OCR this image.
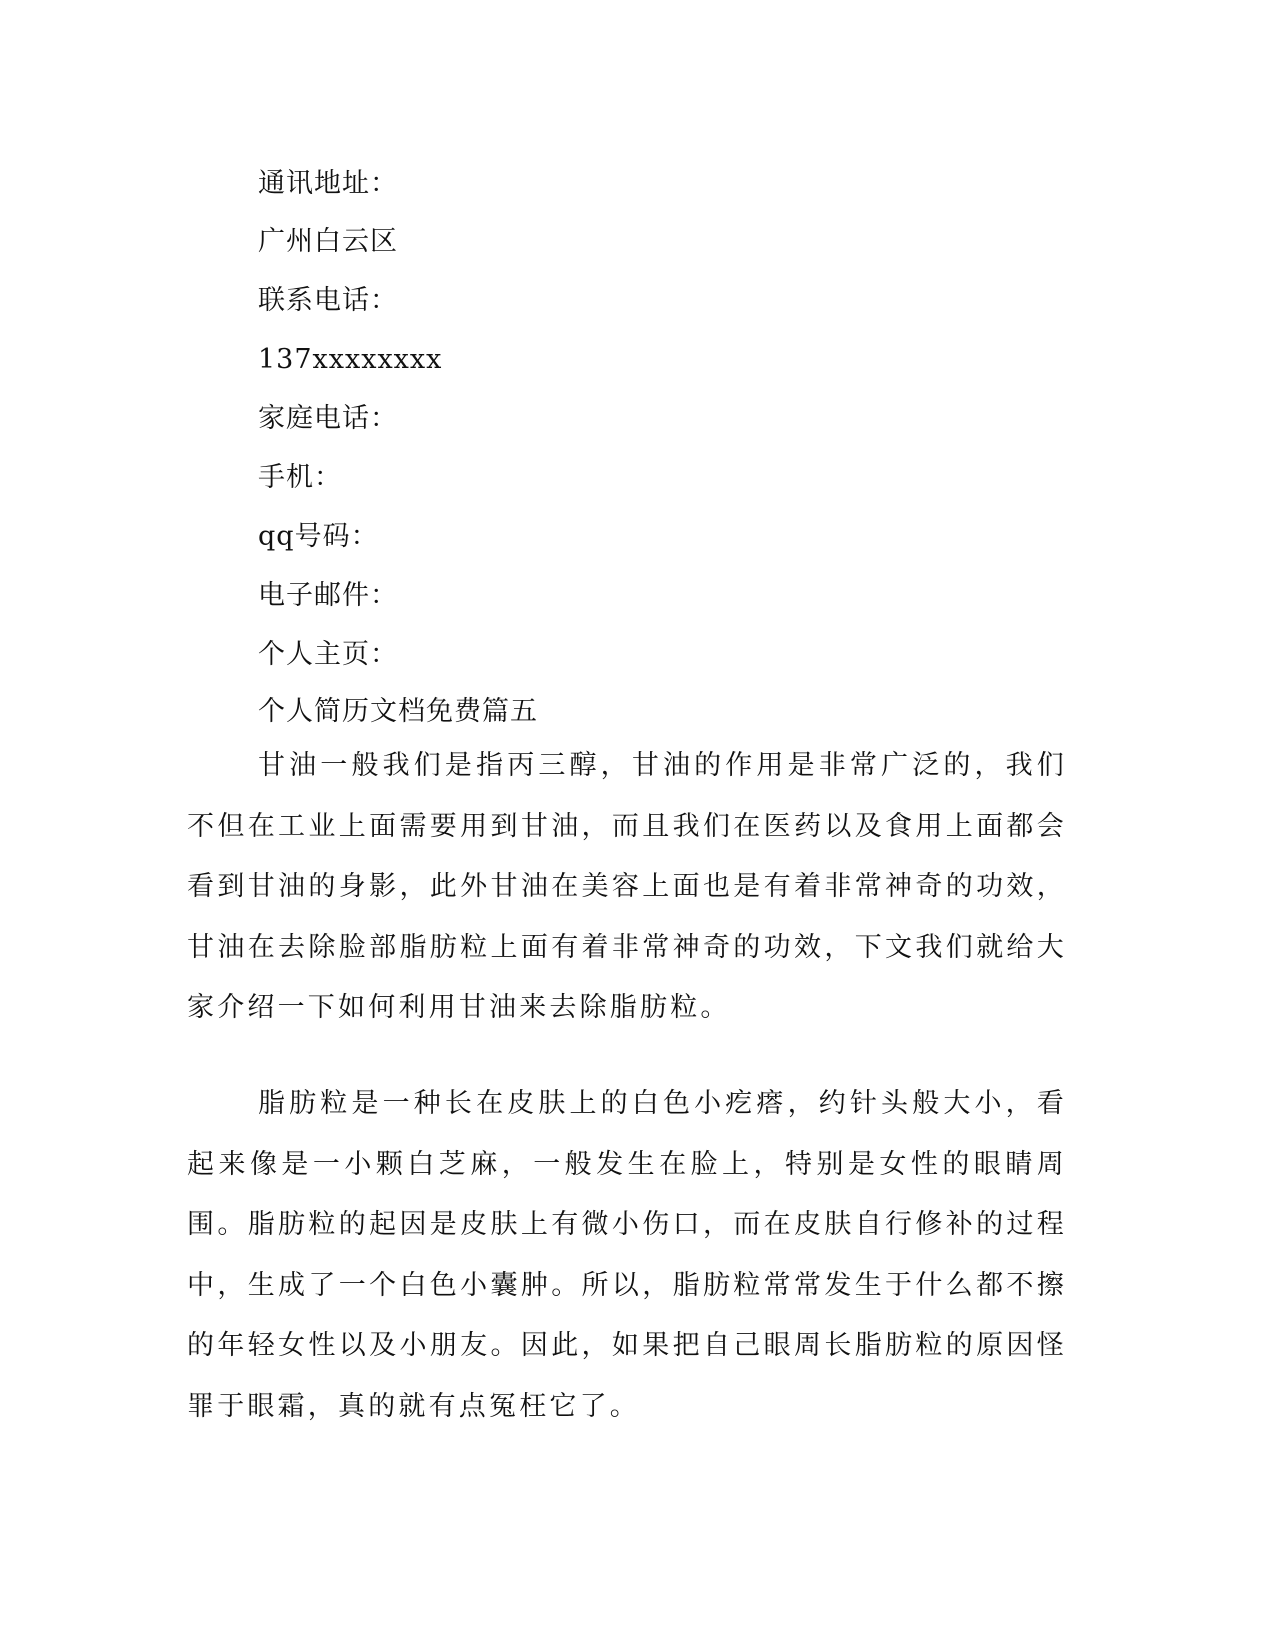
通讯地址：
广州白云区
联系电话：
137xxxxxxxx
家庭电话：
手机：
qq号码：
电子邮件：
个人主页：
个人简历文档免费篇五

甘油一般我们是指丙三醇，甘油的作用是非常广泛的，我们不但在工业上面需要用到甘油，而且我们在医药以及食用上面都会看到甘油的身影，此外甘油在美容上面也是有着非常神奇的功效，甘油在去除脸部脂肪粒上面有着非常神奇的功效，下文我们就给大家介绍一下如何利用甘油来去除脂肪粒。

脂肪粒是一种长在皮肤上的白色小疙瘩，约针头般大小，看起来像是一小颗白芝麻，一般发生在脸上，特别是女性的眼睛周围。脂肪粒的起因是皮肤上有微小伤口，而在皮肤自行修补的过程中，生成了一个白色小囊肿。所以，脂肪粒常常发生于什么都不擦的年轻女性以及小朋友。因此，如果把自己眼周长脂肪粒的原因怪罪于眼霜，真的就有点冤枉它了。
